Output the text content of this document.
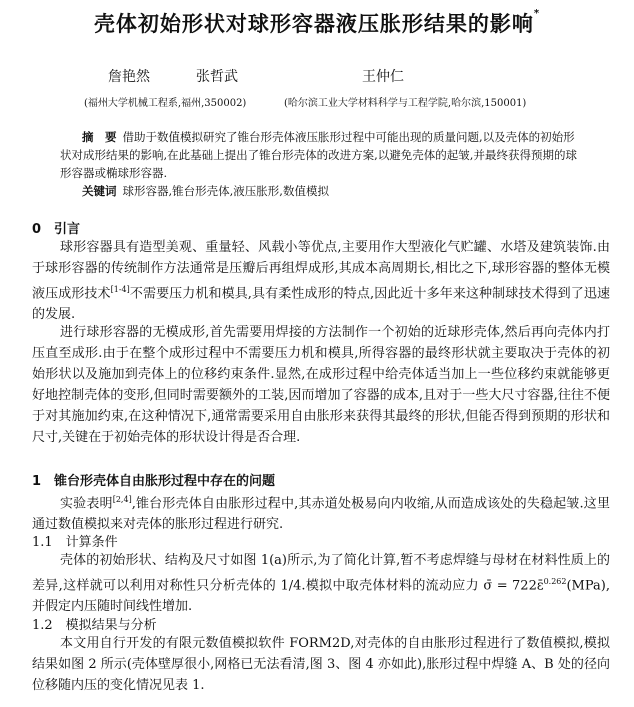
壳体初始形状对球形容器液压胀形结果的影响*
詹艳然	张哲武	王仲仁
(福州大学机械工程系,福州,350002)	(哈尔滨工业大学材料科学与工程学院,哈尔滨,150001)

摘　要 借助于数值模拟研究了锥台形壳体液压胀形过程中可能出现的质量问题,以及壳体的初始形状对成形结果的影响,在此基础上提出了锥台形壳体的改进方案,以避免壳体的起皱,并最终获得预期的球形容器或椭球形容器.

关键词 球形容器,锥台形壳体,液压胀形,数值模拟

0　引言

球形容器具有造型美观、重量轻、风载小等优点,主要用作大型液化气贮罐、水塔及建筑装饰.由于球形容器的传统制作方法通常是压瓣后再组焊成形,其成本高周期长,相比之下,球形容器的整体无模液压成形技术[1-4]不需要压力机和模具,具有柔性成形的特点,因此近十多年来这种制球技术得到了迅速的发展.

进行球形容器的无模成形,首先需要用焊接的方法制作一个初始的近球形壳体,然后再向壳体内打压直至成形.由于在整个成形过程中不需要压力机和模具,所得容器的最终形状就主要取决于壳体的初始形状以及施加到壳体上的位移约束条件.显然,在成形过程中给壳体适当加上一些位移约束就能够更好地控制壳体的变形,但同时需要额外的工装,因而增加了容器的成本,且对于一些大尺寸容器,往往不便于对其施加约束,在这种情况下,通常需要采用自由胀形来获得其最终的形状,但能否得到预期的形状和尺寸,关键在于初始壳体的形状设计得是否合理.

1　锥台形壳体自由胀形过程中存在的问题

实验表明[2,4],锥台形壳体自由胀形过程中,其赤道处极易向内收缩,从而造成该处的失稳起皱.这里通过数值模拟来对壳体的胀形过程进行研究.

1.1　计算条件

壳体的初始形状、结构及尺寸如图 1(a)所示,为了简化计算,暂不考虑焊缝与母材在材料性质上的差异,这样就可以利用对称性只分析壳体的 1/4.模拟中取壳体材料的流动应力 σ̄ = 722ε̄$^{0.262}$(MPa),并假定内压随时间线性增加.

1.2　模拟结果与分析

本文用自行开发的有限元数值模拟软件 FORM2D,对壳体的自由胀形过程进行了数值模拟,模拟结果如图 2 所示(壳体壁厚很小,网格已无法看清,图 3、图 4 亦如此),胀形过程中焊缝 A、B 处的径向位移随内压的变化情况见表 1.
